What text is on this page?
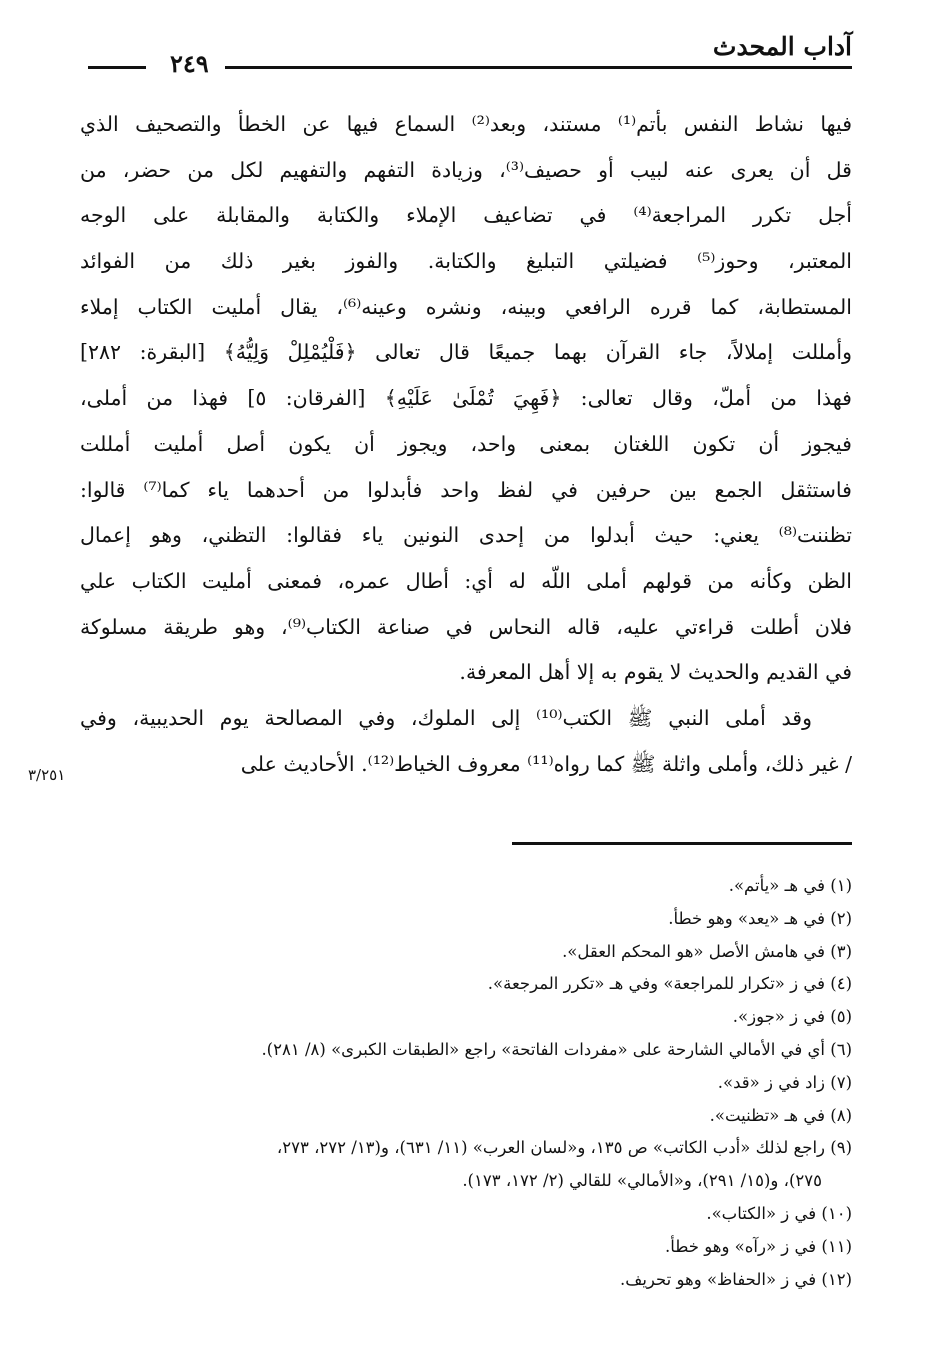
آداب المحدث
٢٤٩
فيها نشاط النفس بأتم⁽¹⁾ مستند، وبعد⁽²⁾ السماع فيها عن الخطأ والتصحيف الذي
قل أن يعرى عنه لبيب أو حصيف⁽³⁾، وزيادة التفهم والتفهيم لكل من حضر، من
أجل تكرر المراجعة⁽⁴⁾ في تضاعيف الإملاء والكتابة والمقابلة على الوجه
المعتبر، وحوز⁽⁵⁾ فضيلتي التبليغ والكتابة. والفوز بغير ذلك من الفوائد
المستطابة، كما قرره الرافعي وبينه، ونشره وعينه⁽⁶⁾، يقال أمليت الكتاب إملاء
وأمللت إملالاً، جاء القرآن بهما جميعًا قال تعالى ﴿فَلْيُمْلِلْ وَلِيُّهُ﴾ [البقرة: ٢٨٢]
فهذا من أملّ، وقال تعالى: ﴿فَهِيَ تُمْلَىٰ عَلَيْهِ﴾ [الفرقان: ٥] فهذا من أملى،
فيجوز أن تكون اللغتان بمعنى واحد، ويجوز أن يكون أصل أمليت أمللت
فاستثقل الجمع بين حرفين في لفظ واحد فأبدلوا من أحدهما ياء كما⁽⁷⁾ قالوا:
تظننت⁽⁸⁾ يعني: حيث أبدلوا من إحدى النونين ياء فقالوا: التظني، وهو إعمال
الظن وكأنه من قولهم أملى اللّه له أي: أطال عمره، فمعنى أمليت الكتاب علي
فلان أطلت قراءتي عليه، قاله النحاس في صناعة الكتاب⁽⁹⁾، وهو طريقة مسلوكة
في القديم والحديث لا يقوم به إلا أهل المعرفة.
وقد أملى النبي ﷺ الكتب⁽¹⁰⁾ إلى الملوك، وفي المصالحة يوم الحديبية، وفي
/ غير ذلك، وأملى واثلة ﷺ كما رواه⁽¹¹⁾ معروف الخياط⁽¹²⁾. الأحاديث على
٣/٢٥١
(١) في هـ «يأتم».
(٢) في هـ «يعد» وهو خطأ.
(٣) في هامش الأصل «هو المحكم العقل».
(٤) في ز «تكرار للمراجعة» وفي هـ «تكرر المرجعة».
(٥) في ز «جوز».
(٦) أي في الأمالي الشارحة على «مفردات الفاتحة» راجع «الطبقات الكبرى» (٨/ ٢٨١).
(٧) زاد في ز «قد».
(٨) في هـ «تظنيت».
(٩) راجع لذلك «أدب الكاتب» ص ١٣٥، و«لسان العرب» (١١/ ٦٣١)، و(١٣/ ٢٧٢، ٢٧٣،
٢٧٥)، و(١٥/ ٢٩١)، و«الأمالي» للقالي (٢/ ١٧٢، ١٧٣).
(١٠) في ز «الكتاب».
(١١) في ز «رآه» وهو خطأ.
(١٢) في ز «الحفاظ» وهو تحريف.
